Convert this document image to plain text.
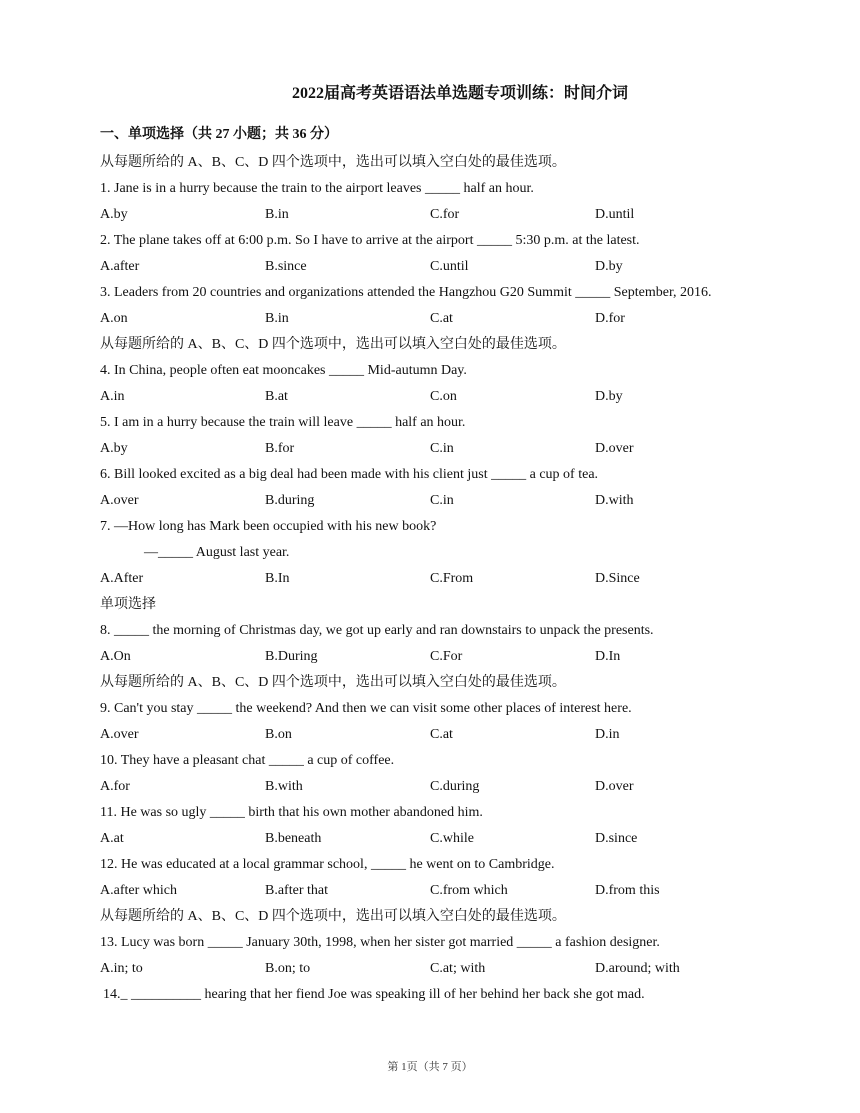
2022届高考英语语法单选题专项训练：时间介词
一、单项选择（共 27 小题；共 36 分）
从每题所给的 A、B、C、D 四个选项中，选出可以填入空白处的最佳选项。
1. Jane is in a hurry because the train to the airport leaves _____ half an hour.
A.by	B.in	C.for	D.until
2. The plane takes off at 6:00 p.m. So I have to arrive at the airport _____ 5:30 p.m. at the latest.
A.after	B.since	C.until	D.by
3. Leaders from 20 countries and organizations attended the Hangzhou G20 Summit _____ September, 2016.
A.on	B.in	C.at	D.for
从每题所给的 A、B、C、D 四个选项中，选出可以填入空白处的最佳选项。
4. In China, people often eat mooncakes _____ Mid-autumn Day.
A.in	B.at	C.on	D.by
5. I am in a hurry because the train will leave _____ half an hour.
A.by	B.for	C.in	D.over
6. Bill looked excited as a big deal had been made with his client just _____ a cup of tea.
A.over	B.during	C.in	D.with
7. —How long has Mark been occupied with his new book?
—_____ August last year.
A.After	B.In	C.From	D.Since
单项选择
8. _____ the morning of Christmas day, we got up early and ran downstairs to unpack the presents.
A.On	B.During	C.For	D.In
从每题所给的 A、B、C、D 四个选项中，选出可以填入空白处的最佳选项。
9. Can't you stay _____ the weekend? And then we can visit some other places of interest here.
A.over	B.on	C.at	D.in
10. They have a pleasant chat _____ a cup of coffee.
A.for	B.with	C.during	D.over
11. He was so ugly _____ birth that his own mother abandoned him.
A.at	B.beneath	C.while	D.since
12. He was educated at a local grammar school, _____ he went on to Cambridge.
A.after which	B.after that	C.from which	D.from this
从每题所给的 A、B、C、D 四个选项中，选出可以填入空白处的最佳选项。
13. Lucy was born _____ January 30th, 1998, when her sister got married _____ a fashion designer.
A.in; to	B.on; to	C.at; with	D.around; with
14._ __________ hearing that her fiend Joe was speaking ill of her behind her back she got mad.
第 1页（共 7 页）
